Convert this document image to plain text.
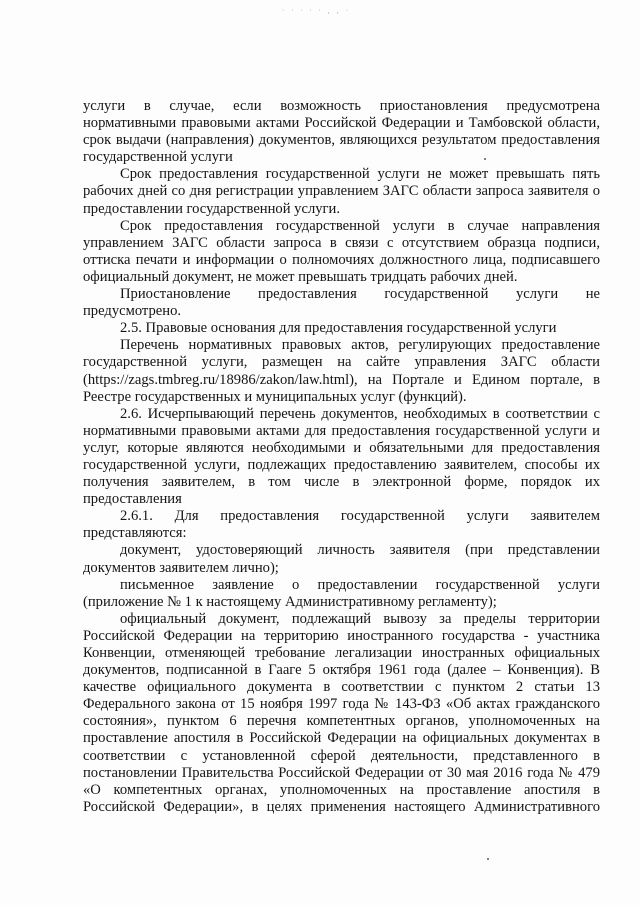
· · · · · , , ·

услуги в случае, если возможность приостановления предусмотрена нормативными правовыми актами Российской Федерации и Тамбовской области, срок выдачи (направления) документов, являющихся результатом предоставления государственной услуги

Срок предоставления государственной услуги не может превышать пять рабочих дней со дня регистрации управлением ЗАГС области запроса заявителя о предоставлении государственной услуги.

Срок предоставления государственной услуги в случае направления управлением ЗАГС области запроса в связи с отсутствием образца подписи, оттиска печати и информации о полномочиях должностного лица, подписавшего официальный документ, не может превышать тридцать рабочих дней.

Приостановление предоставления государственной услуги не предусмотрено.

2.5. Правовые основания для предоставления государственной услуги

Перечень нормативных правовых актов, регулирующих предоставление государственной услуги, размещен на сайте управления ЗАГС области (https://zags.tmbreg.ru/18986/zakon/law.html), на Портале и Едином портале, в Реестре государственных и муниципальных услуг (функций).

2.6. Исчерпывающий перечень документов, необходимых в соответствии с нормативными правовыми актами для предоставления государственной услуги и услуг, которые являются необходимыми и обязательными для предоставления государственной услуги, подлежащих предоставлению заявителем, способы их получения заявителем, в том числе в электронной форме, порядок их предоставления

2.6.1. Для предоставления государственной услуги заявителем представляются:

документ, удостоверяющий личность заявителя (при представлении документов заявителем лично);

письменное заявление о предоставлении государственной услуги (приложение № 1 к настоящему Административному регламенту);

официальный документ, подлежащий вывозу за пределы территории Российской Федерации на территорию иностранного государства - участника Конвенции, отменяющей требование легализации иностранных официальных документов, подписанной в Гааге 5 октября 1961 года (далее – Конвенция). В качестве официального документа в соответствии с пунктом 2 статьи 13 Федерального закона от 15 ноября 1997 года № 143-ФЗ «Об актах гражданского состояния», пунктом 6 перечня компетентных органов, уполномоченных на проставление апостиля в Российской Федерации на официальных документах в соответствии с установленной сферой деятельности, представленного в постановлении Правительства Российской Федерации от 30 мая 2016 года № 479 «О компетентных органах, уполномоченных на проставление апостиля в Российской Федерации», в целях применения настоящего Административного
